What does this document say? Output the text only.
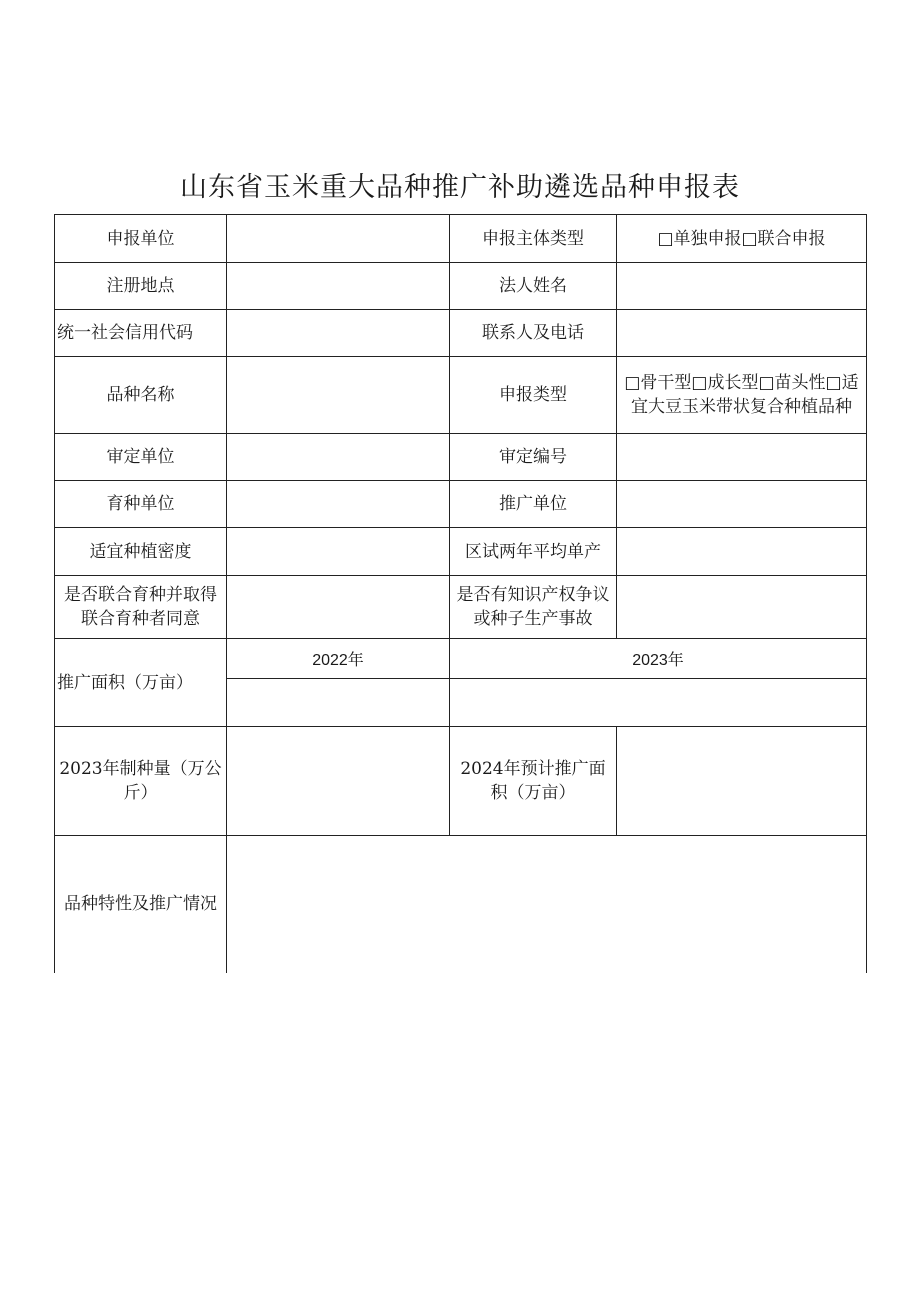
山东省玉米重大品种推广补助遴选品种申报表
申报单位		申报主体类型	□单独申报□联合申报
注册地点		法人姓名	
统一社会信用代码		联系人及电话	
品种名称		申报类型	□骨干型□成长型□苗头性□适宜大豆玉米带状复合种植品种
审定单位		审定编号	
育种单位		推广单位	
适宜种植密度		区试两年平均单产	
是否联合育种并取得联合育种者同意		是否有知识产权争议或种子生产事故	
推广面积（万亩）	2022年	2023年	

2023年制种量（万公斤）		2024年预计推广面积（万亩）	
品种特性及推广情况			
